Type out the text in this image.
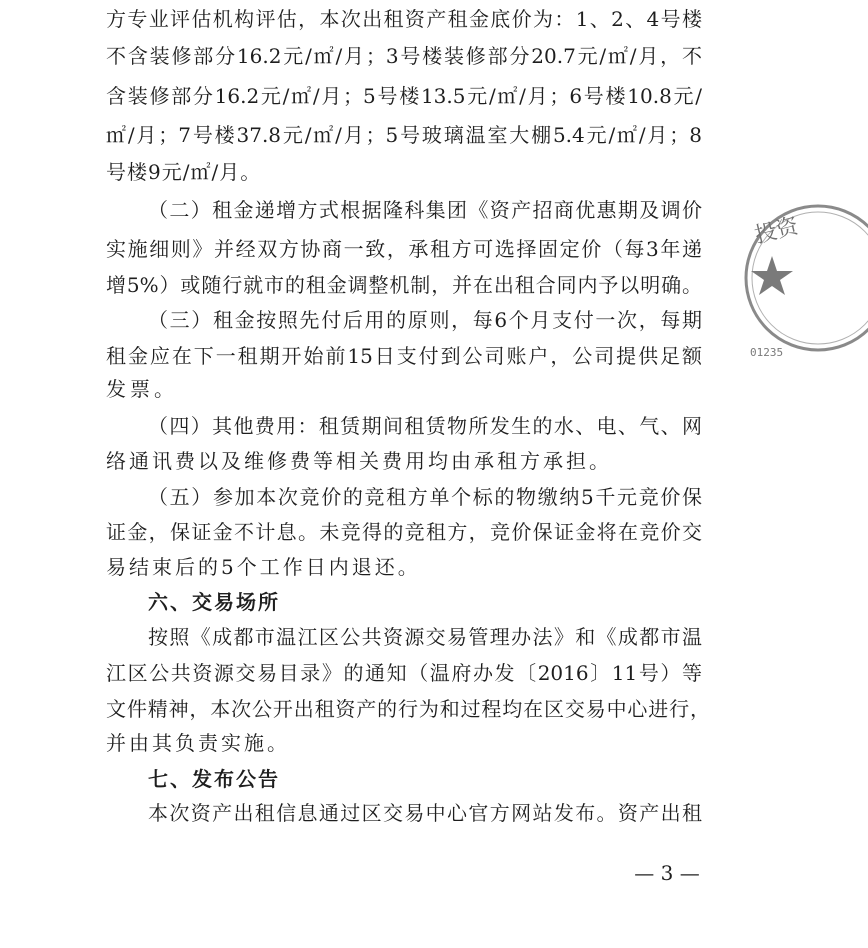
方专业评估机构评估，本次出租资产租金底价为：1、2、4号楼
不含装修部分16.2元/㎡/月；3号楼装修部分20.7元/㎡/月，不
含装修部分16.2元/㎡/月；5号楼13.5元/㎡/月；6号楼10.8元/
㎡/月；7号楼37.8元/㎡/月；5号玻璃温室大棚5.4元/㎡/月；8
号楼9元/㎡/月。
（二）租金递增方式根据隆科集团《资产招商优惠期及调价
实施细则》并经双方协商一致，承租方可选择固定价（每3年递
增5%）或随行就市的租金调整机制，并在出租合同内予以明确。
（三）租金按照先付后用的原则，每6个月支付一次，每期
租金应在下一租期开始前15日支付到公司账户，公司提供足额
发票。
（四）其他费用：租赁期间租赁物所发生的水、电、气、网
络通讯费以及维修费等相关费用均由承租方承担。
（五）参加本次竞价的竞租方单个标的物缴纳5千元竞价保
证金，保证金不计息。未竞得的竞租方，竞价保证金将在竞价交
易结束后的5个工作日内退还。
六、交易场所
按照《成都市温江区公共资源交易管理办法》和《成都市温
江区公共资源交易目录》的通知（温府办发〔2016〕11号）等
文件精神，本次公开出租资产的行为和过程均在区交易中心进行，
并由其负责实施。
七、发布公告
本次资产出租信息通过区交易中心官方网站发布。资产出租
— 3 —
投资
01235
